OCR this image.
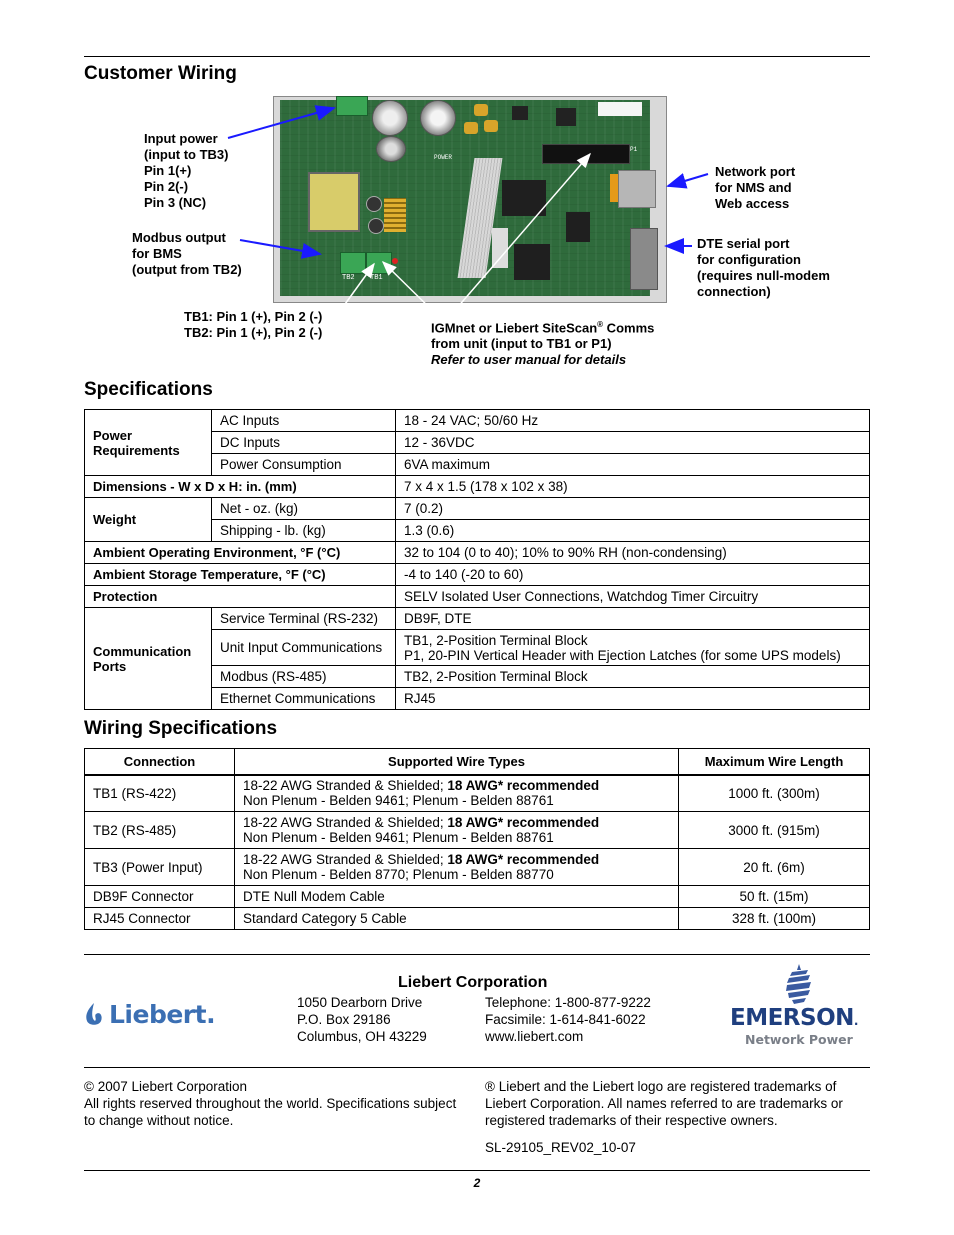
Customer Wiring
TB2 TB1
POWER
P1
Input power
(input to TB3)
Pin 1(+)
Pin 2(-)
Pin 3 (NC)
Modbus output
for BMS
(output from TB2)
TB1: Pin 1 (+), Pin 2 (-)
TB2: Pin 1 (+), Pin 2 (-)	IGMnet or Liebert SiteScan® Comms
from unit (input to TB1 or P1)
Refer to user manual for details
Network port
for NMS and
Web access
DTE serial port
for configuration
(requires null-modem
connection)
Specifications
Power Requirements	AC Inputs	18 - 24 VAC; 50/60 Hz
	DC Inputs	12 - 36VDC
	Power Consumption	6VA maximum
Dimensions - W x D x H: in. (mm)		7 x 4 x 1.5 (178 x 102 x 38)
Weight	Net - oz. (kg)	7 (0.2)
	Shipping - lb. (kg)	1.3 (0.6)
Ambient Operating Environment, °F (°C)		32 to 104 (0 to 40); 10% to 90% RH (non-condensing)
Ambient Storage Temperature, °F (°C)		-4 to 140 (-20 to 60)
Protection		SELV Isolated User Connections, Watchdog Timer Circuitry
Communication Ports	Service Terminal (RS-232)	DB9F, DTE
	Unit Input Communications	TB1, 2-Position Terminal Block
P1, 20-PIN Vertical Header with Ejection Latches (for some UPS models)

	Modbus (RS-485)	TB2, 2-Position Terminal Block
	Ethernet Communications	RJ45
Wiring Specifications
Connection	Supported Wire Types	Maximum Wire Length
TB1 (RS-422)	18-22 AWG Stranded & Shielded; 18 AWG* recommended
Non Plenum - Belden 9461; Plenum - Belden 88761	1000 ft. (300m)
TB2 (RS-485)	18-22 AWG Stranded & Shielded; 18 AWG* recommended
Non Plenum - Belden 9461; Plenum - Belden 88761	3000 ft. (915m)
TB3 (Power Input)	18-22 AWG Stranded & Shielded; 18 AWG* recommended
Non Plenum - Belden 8770; Plenum - Belden 88770	20 ft. (6m)
DB9F Connector	DTE Null Modem Cable	50 ft. (15m)
RJ45 Connector	Standard Category 5 Cable	328 ft. (100m)
Liebert.
Liebert Corporation
1050 Dearborn Drive
P.O. Box 29186
Columbus, OH 43229
Telephone: 1-800-877-9222
Facsimile: 1-614-841-6022
www.liebert.com
EMERSON.
Network Power
© 2007 Liebert Corporation
All rights reserved throughout the world. Specifications subject
to change without notice.
® Liebert and the Liebert logo are registered trademarks of
Liebert Corporation. All names referred to are trademarks or
registered trademarks of their respective owners.
SL-29105_REV02_10-07
2
